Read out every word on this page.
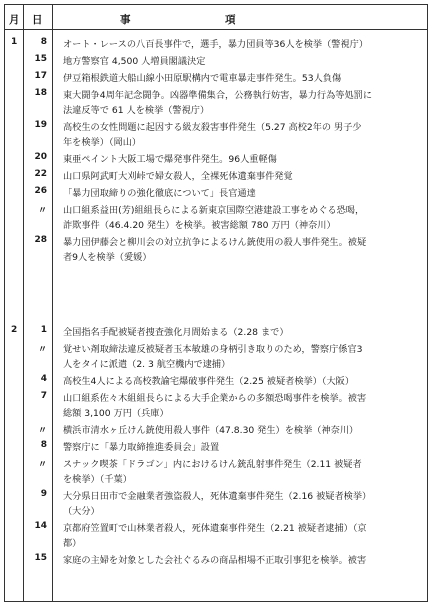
月 日	事　　　　　　　　　項
1	8 オート・レースの八百長事件で，選手，暴力団員等36人を検挙（警視庁）
15 地方警察官 4,500 人増員閣議決定
17 伊豆箱根鉄道大船山線小田原駅構内で電車暴走事件発生。53人負傷
18 東大闘争4周年記念闘争。凶器準備集合，公務執行妨害，暴力行為等処罰に
法違反等で 61 人を検挙（警視庁）
19 高校生の女性問題に起因する級友殺害事件発生（5.27 高校2年の 男子少
年を検挙）（岡山）
20 東亜ペイント大阪工場で爆発事件発生。96人重軽傷
22 山口県阿武町大刈峠で婦女殺人，全裸死体遺棄事件発覚
26 「暴力団取締りの強化徹底について」長官通達
〃 山口組系益田(芳)組組長らによる新東京国際空港建設工事をめぐる恐喝，
詐欺事件（46.4.20 発生）を検挙。被害総額 780 万円（神奈川）
28 暴力団伊藤会と柳川会の対立抗争によるけん銃使用の殺人事件発生。被疑
者9人を検挙（愛媛）
2	1 全国指名手配被疑者捜査強化月間始まる（2.28 まで）
〃 覚せい剤取締法違反被疑者玉本敏雄の身柄引き取りのため，警察庁係官3
人をタイに派遣（2. 3 航空機内で逮捕）
4 高校生4人による高校教諭宅爆破事件発生（2.25 被疑者検挙）（大阪）
7 山口組系佐々木組組長らによる大手企業からの多額恐喝事件を検挙。被害
総額 3,100 万円（兵庫）
〃 横浜市清水ヶ丘けん銃使用殺人事件（47.8.30 発生）を検挙（神奈川）
8 警察庁に「暴力取締推進委員会」設置
〃 スナック喫茶「ドラゴン」内におけるけん銃乱射事件発生（2.11 被疑者
を検挙）（千葉）
9 大分県日田市で金融業者強盗殺人，死体遺棄事件発生（2.16 被疑者検挙）
（大分）
14 京都府笠置町で山林業者殺人，死体遺棄事件発生（2.21 被疑者逮捕）（京
都）
15 家庭の主婦を対象とした会社ぐるみの商品相場不正取引事犯を検挙。被害
